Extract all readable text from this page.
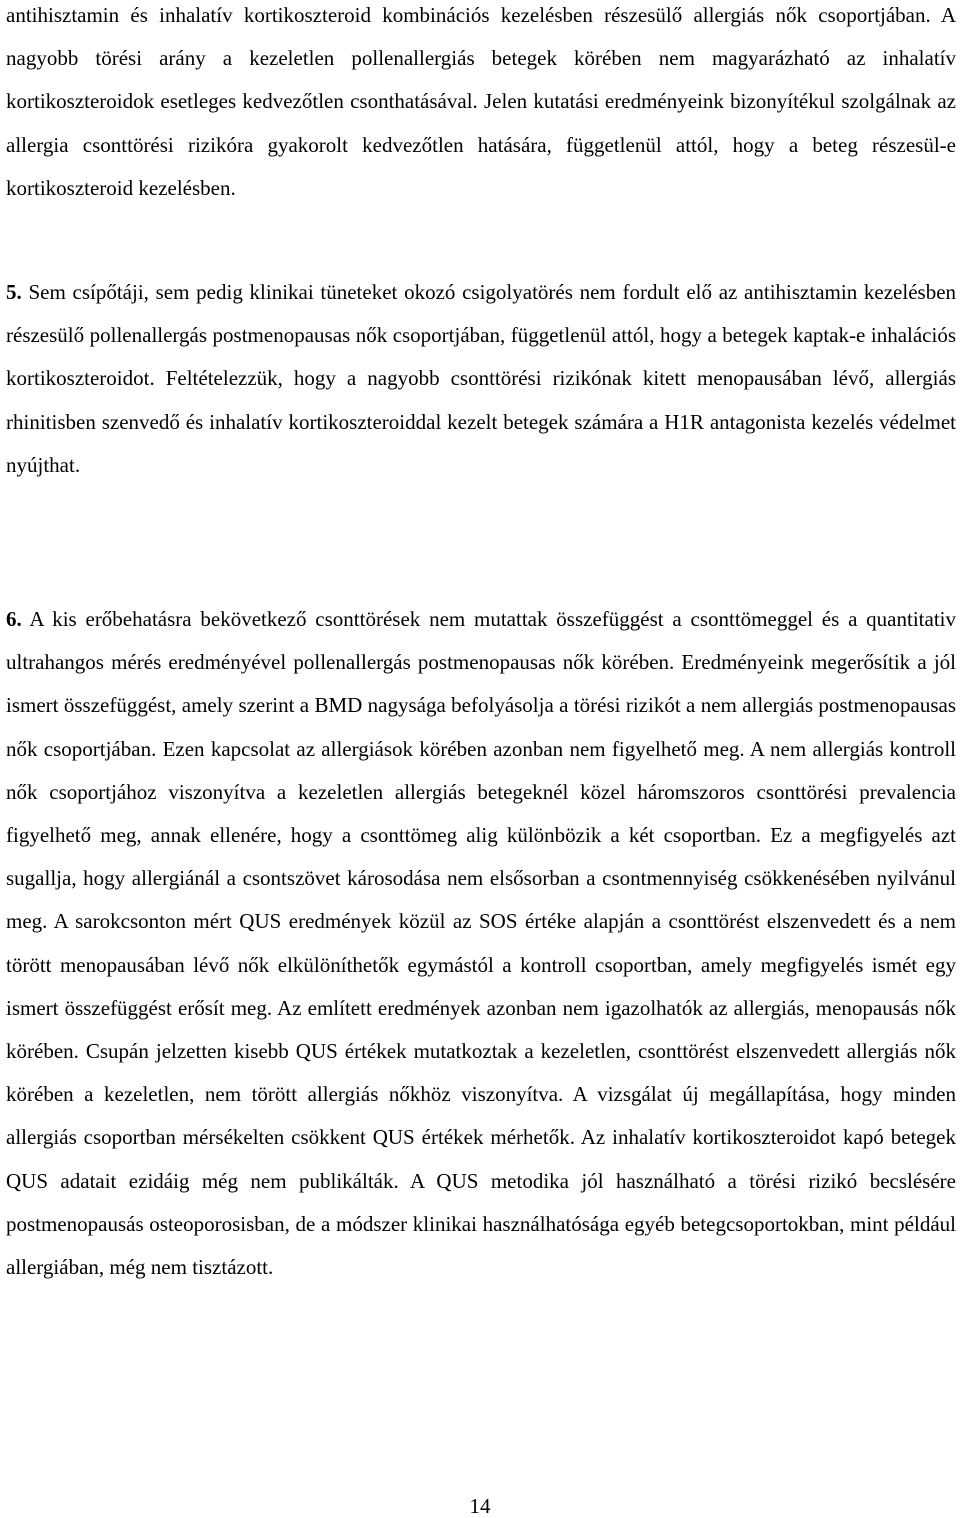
antihisztamin és inhalatív kortikoszteroid kombinációs kezelésben részesülő allergiás nők csoportjában. A nagyobb törési arány a kezeletlen pollenallergiás betegek körében nem magyarázható az inhalatív kortikoszteroidok esetleges kedvezőtlen csonthatásával. Jelen kutatási eredményeink bizonyítékul szolgálnak az allergia csonttörési rizikóra gyakorolt kedvezőtlen hatására, függetlenül attól, hogy a beteg részesül-e kortikoszteroid kezelésben.

5. Sem csípőtáji, sem pedig klinikai tüneteket okozó csigolyatörés nem fordult elő az antihisztamin kezelésben részesülő pollenallergás postmenopausas nők csoportjában, függetlenül attól, hogy a betegek kaptak-e inhalációs kortikoszteroidot. Feltételezzük, hogy a nagyobb csonttörési rizikónak kitett menopausában lévő, allergiás rhinitisben szenvedő és inhalatív kortikoszteroiddal kezelt betegek számára a H1R antagonista kezelés védelmet nyújthat.

6. A kis erőbehatásra bekövetkező csonttörések nem mutattak összefüggést a csonttömeggel és a quantitativ ultrahangos mérés eredményével pollenallergás postmenopausas nők körében. Eredményeink megerősítik a jól ismert összefüggést, amely szerint a BMD nagysága befolyásolja a törési rizikót a nem allergiás postmenopausas nők csoportjában. Ezen kapcsolat az allergiások körében azonban nem figyelhető meg. A nem allergiás kontroll nők csoportjához viszonyítva a kezeletlen allergiás betegeknél közel háromszoros csonttörési prevalencia figyelhető meg, annak ellenére, hogy a csonttömeg alig különbözik a két csoportban. Ez a megfigyelés azt sugallja, hogy allergiánál a csontszövet károsodása nem elsősorban a csontmennyiség csökkenésében nyilvánul meg. A sarokcsonton mért QUS eredmények közül az SOS értéke alapján a csonttörést elszenvedett és a nem törött menopausában lévő nők elkülöníthetők egymástól a kontroll csoportban, amely megfigyelés ismét egy ismert összefüggést erősít meg. Az említett eredmények azonban nem igazolhatók az allergiás, menopausás nők körében. Csupán jelzetten kisebb QUS értékek mutatkoztak a kezeletlen, csonttörést elszenvedett allergiás nők körében a kezeletlen, nem törött allergiás nőkhöz viszonyítva. A vizsgálat új megállapítása, hogy minden allergiás csoportban mérsékelten csökkent QUS értékek mérhetők. Az inhalatív kortikoszteroidot kapó betegek QUS adatait ezidáig még nem publikálták. A QUS metodika jól használható a törési rizikó becslésére postmenopausás osteoporosisban, de a módszer klinikai használhatósága egyéb betegcsoportokban, mint például allergiában, még nem tisztázott.

14
